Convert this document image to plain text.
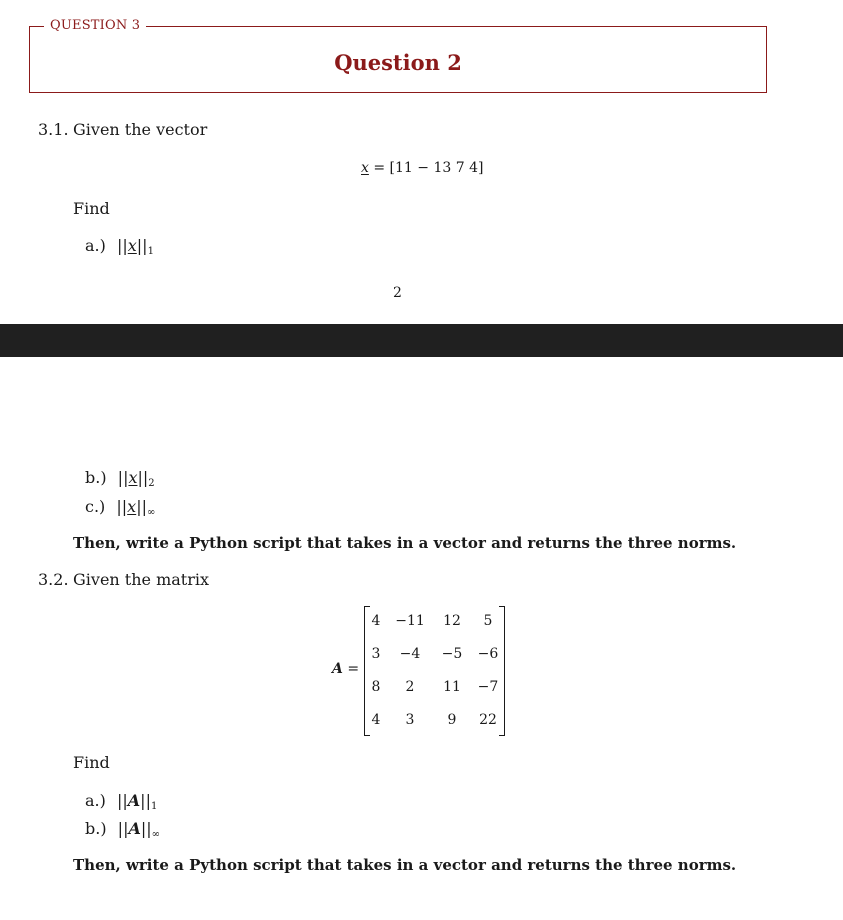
QUESTION 3
Question 2
3.1. Given the vector
x = [11 − 13 7 4]
Find
a.) $||x||_1$
2
b.) $||x||_2$
c.) $||x||_\infty$
Then, write a Python script that takes in a vector and returns the three norms.
3.2. Given the matrix
A =
4	−11	12	5
3	−4	−5	−6
8	2	11	−7
4	3	9	22
Find
a.) $||A||_1$
b.) $||A||_\infty$
Then, write a Python script that takes in a vector and returns the three norms.
